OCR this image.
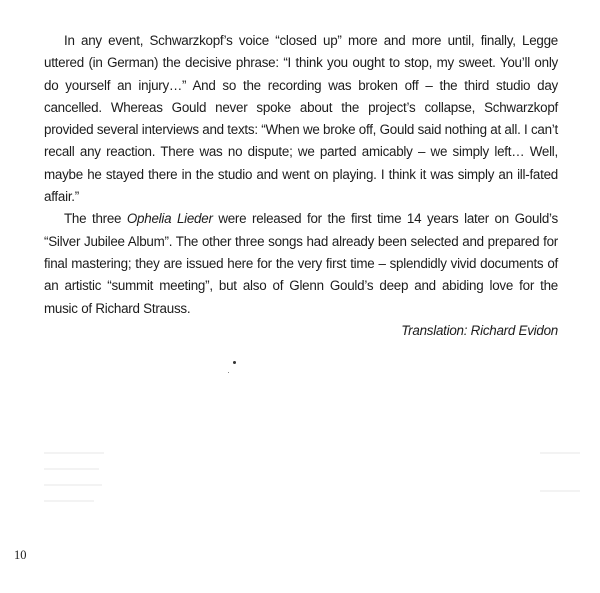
In any event, Schwarzkopf’s voice “closed up” more and more until, finally, Legge uttered (in German) the decisive phrase: “I think you ought to stop, my sweet. You’ll only do yourself an injury…” And so the recording was broken off – the third studio day cancelled. Whereas Gould never spoke about the project’s collapse, Schwarzkopf provided several interviews and texts: “When we broke off, Gould said nothing at all. I can’t recall any reaction. There was no dispute; we parted amicably – we simply left… Well, maybe he stayed there in the studio and went on playing. I think it was simply an ill-fated affair.”

The three Ophelia Lieder were released for the first time 14 years later on Gould’s “Silver Jubilee Album”. The other three songs had already been selected and prepared for final mastering; they are issued here for the very first time – splendidly vivid documents of an artistic “summit meeting”, but also of Glenn Gould’s deep and abiding love for the music of Richard Strauss.

Translation: Richard Evidon

10
